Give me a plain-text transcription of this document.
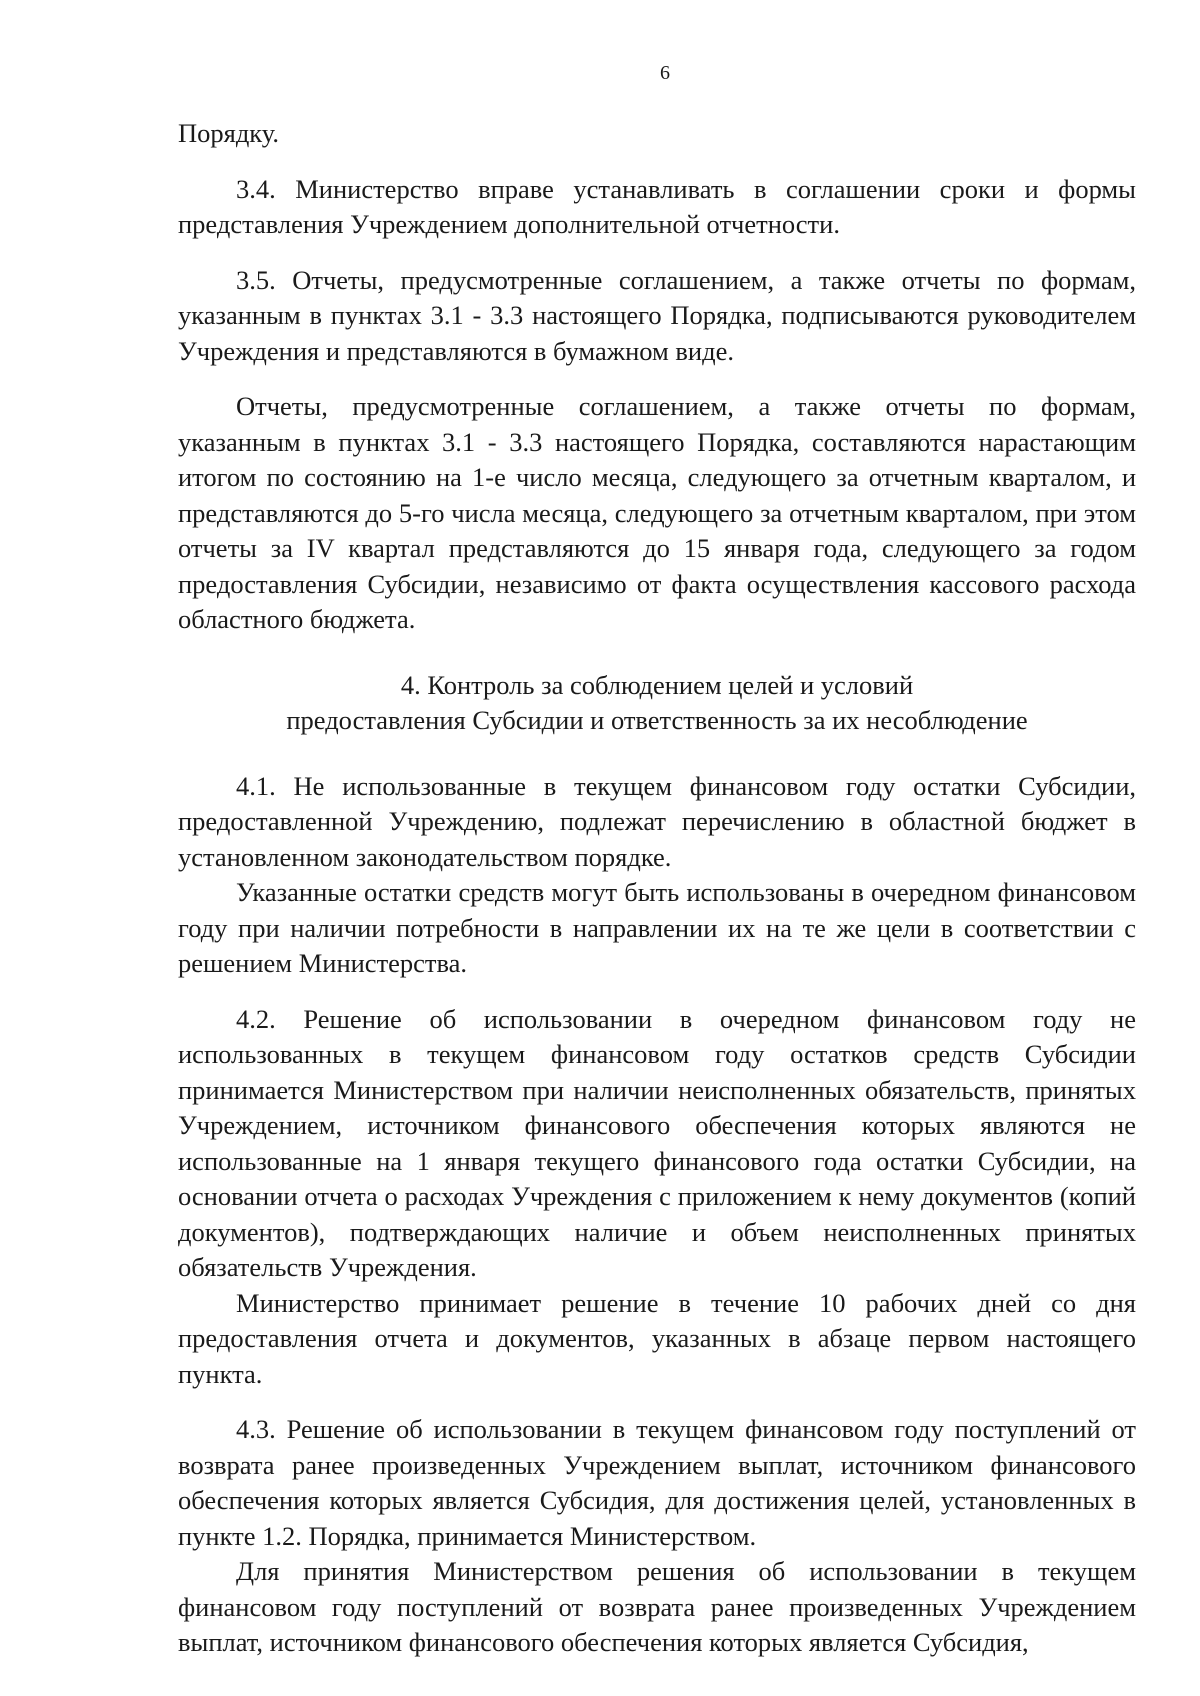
6

Порядку.

3.4. Министерство вправе устанавливать в соглашении сроки и формы представления Учреждением дополнительной отчетности.

3.5. Отчеты, предусмотренные соглашением, а также отчеты по формам, указанным в пунктах 3.1 - 3.3 настоящего Порядка, подписываются руководителем Учреждения и представляются в бумажном виде.

Отчеты, предусмотренные соглашением, а также отчеты по формам, указанным в пунктах 3.1 - 3.3 настоящего Порядка, составляются нарастающим итогом по состоянию на 1-е число месяца, следующего за отчетным кварталом, и представляются до 5-го числа месяца, следующего за отчетным кварталом, при этом отчеты за IV квартал представляются до 15 января года, следующего за годом предоставления Субсидии, независимо от факта осуществления кассового расхода областного бюджета.

4. Контроль за соблюдением целей и условий

предоставления Субсидии и ответственность за их несоблюдение

4.1. Не использованные в текущем финансовом году остатки Субсидии, предоставленной Учреждению, подлежат перечислению в областной бюджет в установленном законодательством порядке.

Указанные остатки средств могут быть использованы в очередном финансовом году при наличии потребности в направлении их на те же цели в соответствии с решением Министерства.

4.2. Решение об использовании в очередном финансовом году не использованных в текущем финансовом году остатков средств Субсидии принимается Министерством при наличии неисполненных обязательств, принятых Учреждением, источником финансового обеспечения которых являются не использованные на 1 января текущего финансового года остатки Субсидии, на основании отчета о расходах Учреждения с приложением к нему документов (копий документов), подтверждающих наличие и объем неисполненных принятых обязательств Учреждения.

Министерство принимает решение в течение 10 рабочих дней со дня предоставления отчета и документов, указанных в абзаце первом настоящего пункта.

4.3. Решение об использовании в текущем финансовом году поступлений от возврата ранее произведенных Учреждением выплат, источником финансового обеспечения которых является Субсидия, для достижения целей, установленных в пункте 1.2. Порядка, принимается Министерством.

Для принятия Министерством решения об использовании в текущем финансовом году поступлений от возврата ранее произведенных Учреждением выплат, источником финансового обеспечения которых является Субсидия,
